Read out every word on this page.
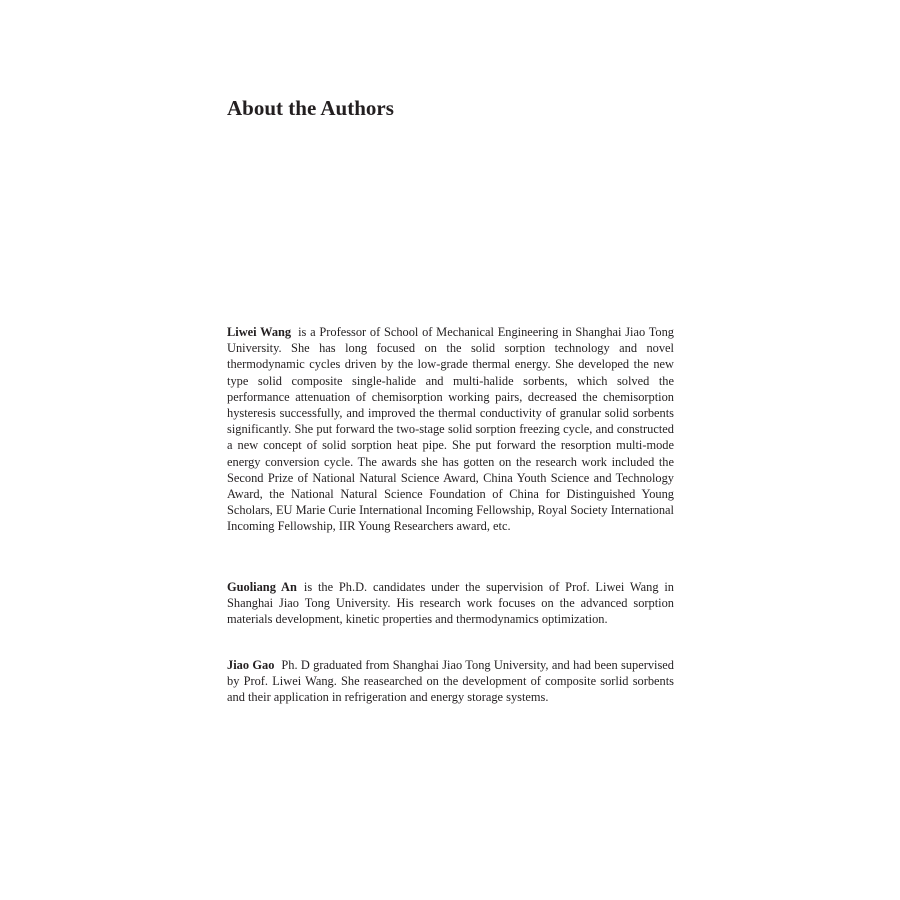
About the Authors

Liwei Wang is a Professor of School of Mechanical Engineering in Shanghai Jiao Tong University. She has long focused on the solid sorption technology and novel thermodynamic cycles driven by the low-grade thermal energy. She developed the new type solid composite single-halide and multi-halide sorbents, which solved the performance attenuation of chemisorption working pairs, decreased the chemisorption hysteresis successfully, and improved the thermal conductivity of granular solid sorbents significantly. She put forward the two-stage solid sorption freezing cycle, and constructed a new concept of solid sorption heat pipe. She put forward the resorption multi-mode energy conversion cycle. The awards she has gotten on the research work included the Second Prize of National Natural Science Award, China Youth Science and Technology Award, the National Natural Science Foundation of China for Distinguished Young Scholars, EU Marie Curie International Incoming Fellowship, Royal Society International Incoming Fellowship, IIR Young Researchers award, etc.

Guoliang An is the Ph.D. candidates under the supervision of Prof. Liwei Wang in Shanghai Jiao Tong University. His research work focuses on the advanced sorption materials development, kinetic properties and thermodynamics optimization.

Jiao Gao Ph. D graduated from Shanghai Jiao Tong University, and had been supervised by Prof. Liwei Wang. She reasearched on the development of composite sorlid sorbents and their application in refrigeration and energy storage systems.
